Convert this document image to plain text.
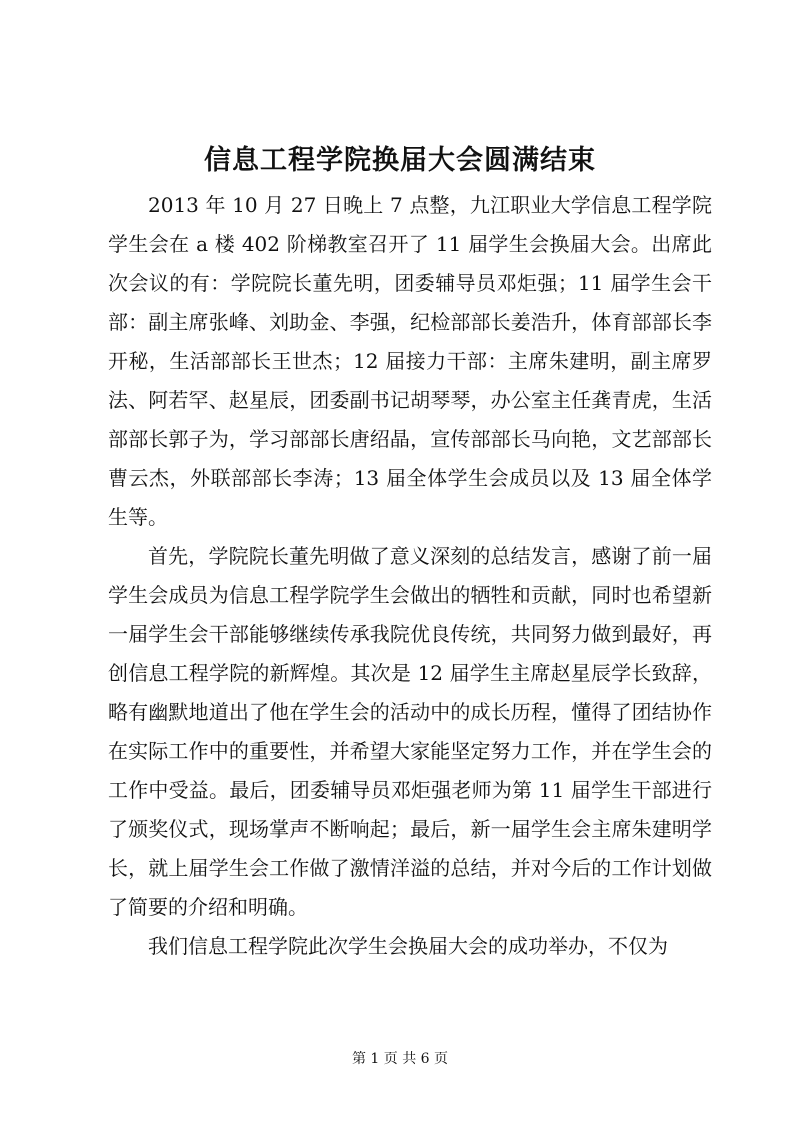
信息工程学院换届大会圆满结束

2013 年 10 月 27 日晚上 7 点整，九江职业大学信息工程学院学生会在 a 楼 402 阶梯教室召开了 11 届学生会换届大会。出席此次会议的有：学院院长董先明，团委辅导员邓炬强；11 届学生会干部：副主席张峰、刘助金、李强，纪检部部长姜浩升，体育部部长李开秘，生活部部长王世杰；12 届接力干部：主席朱建明，副主席罗法、阿若罕、赵星辰，团委副书记胡琴琴，办公室主任龚青虎，生活部部长郭子为，学习部部长唐绍晶，宣传部部长马向艳，文艺部部长曹云杰，外联部部长李涛；13 届全体学生会成员以及 13 届全体学生等。

首先，学院院长董先明做了意义深刻的总结发言，感谢了前一届学生会成员为信息工程学院学生会做出的牺牲和贡献，同时也希望新一届学生会干部能够继续传承我院优良传统，共同努力做到最好，再创信息工程学院的新辉煌。其次是 12 届学生主席赵星辰学长致辞，略有幽默地道出了他在学生会的活动中的成长历程，懂得了团结协作在实际工作中的重要性，并希望大家能坚定努力工作，并在学生会的工作中受益。最后，团委辅导员邓炬强老师为第 11 届学生干部进行了颁奖仪式，现场掌声不断响起；最后，新一届学生会主席朱建明学长，就上届学生会工作做了激情洋溢的总结，并对今后的工作计划做了简要的介绍和明确。

我们信息工程学院此次学生会换届大会的成功举办，不仅为

第 1 页 共 6 页
